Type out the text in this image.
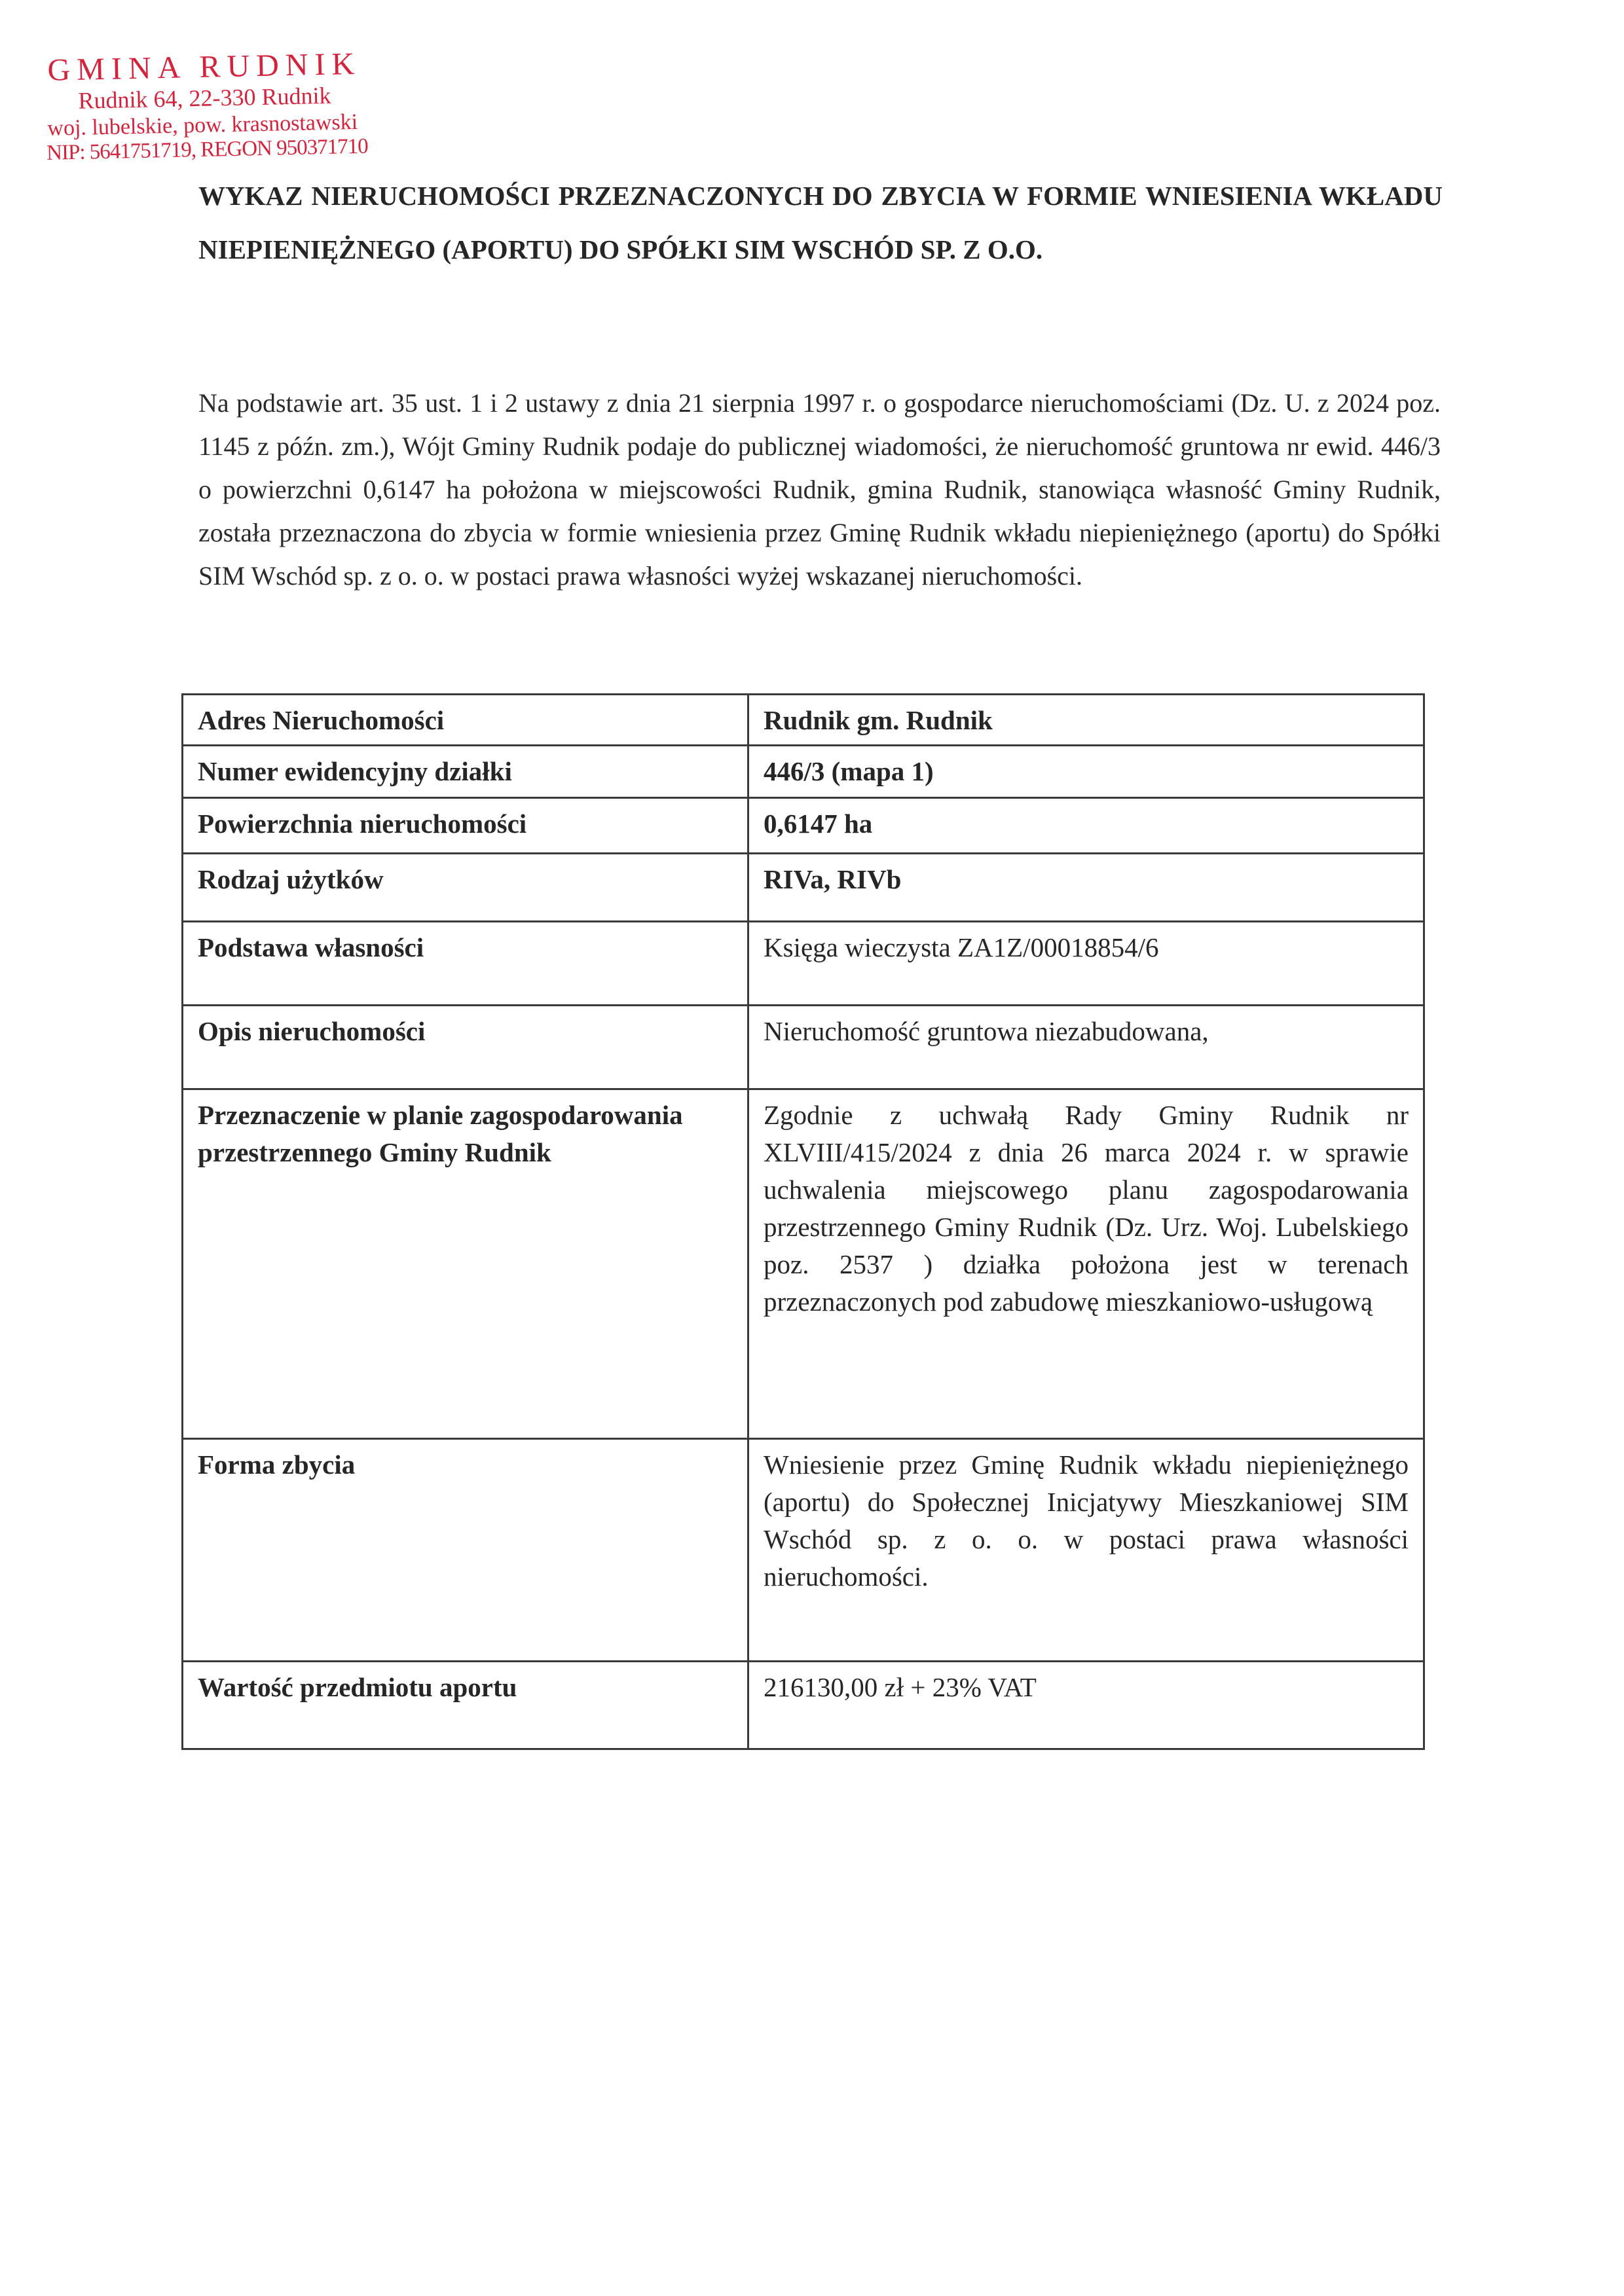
GMINA RUDNIK
Rudnik 64, 22-330 Rudnik
woj. lubelskie, pow. krasnostawski
NIP: 5641751719, REGON 950371710
WYKAZ NIERUCHOMOŚCI PRZEZNACZONYCH DO ZBYCIA W FORMIE WNIESIENIA WKŁADU NIEPIENIĘŻNEGO (APORTU) DO SPÓŁKI SIM WSCHÓD SP. Z O.O.

Na podstawie art. 35 ust. 1 i 2 ustawy z dnia 21 sierpnia 1997 r. o gospodarce nieruchomościami (Dz. U. z 2024 poz. 1145 z późn. zm.), Wójt Gminy Rudnik podaje do publicznej wiadomości, że nieruchomość gruntowa nr ewid. 446/3 o powierzchni 0,6147 ha położona w miejscowości Rudnik, gmina Rudnik, stanowiąca własność Gminy Rudnik, została przeznaczona do zbycia w formie wniesienia przez Gminę Rudnik wkładu niepieniężnego (aportu) do Spółki SIM Wschód sp. z o. o. w postaci prawa własności wyżej wskazanej nieruchomości.

Adres Nieruchomości	Rudnik gm. Rudnik
Numer ewidencyjny działki	446/3 (mapa 1)
Powierzchnia nieruchomości	0,6147 ha
Rodzaj użytków	RIVa, RIVb
Podstawa własności	Księga wieczysta ZA1Z/00018854/6
Opis nieruchomości	Nieruchomość gruntowa niezabudowana,
Przeznaczenie w planie zagospodarowania przestrzennego Gminy Rudnik	Zgodnie z uchwałą Rady Gminy Rudnik nr XLVIII/415/2024 z dnia 26 marca 2024 r. w sprawie uchwalenia miejscowego planu zagospodarowania przestrzennego Gminy Rudnik (Dz. Urz. Woj. Lubelskiego poz. 2537 ) działka położona jest w terenach przeznaczonych pod zabudowę mieszkaniowo-usługową
Forma zbycia	Wniesienie przez Gminę Rudnik wkładu niepieniężnego (aportu) do Społecznej Inicjatywy Mieszkaniowej SIM Wschód sp. z o. o. w postaci prawa własności nieruchomości.
Wartość przedmiotu aportu	216130,00 zł + 23% VAT
